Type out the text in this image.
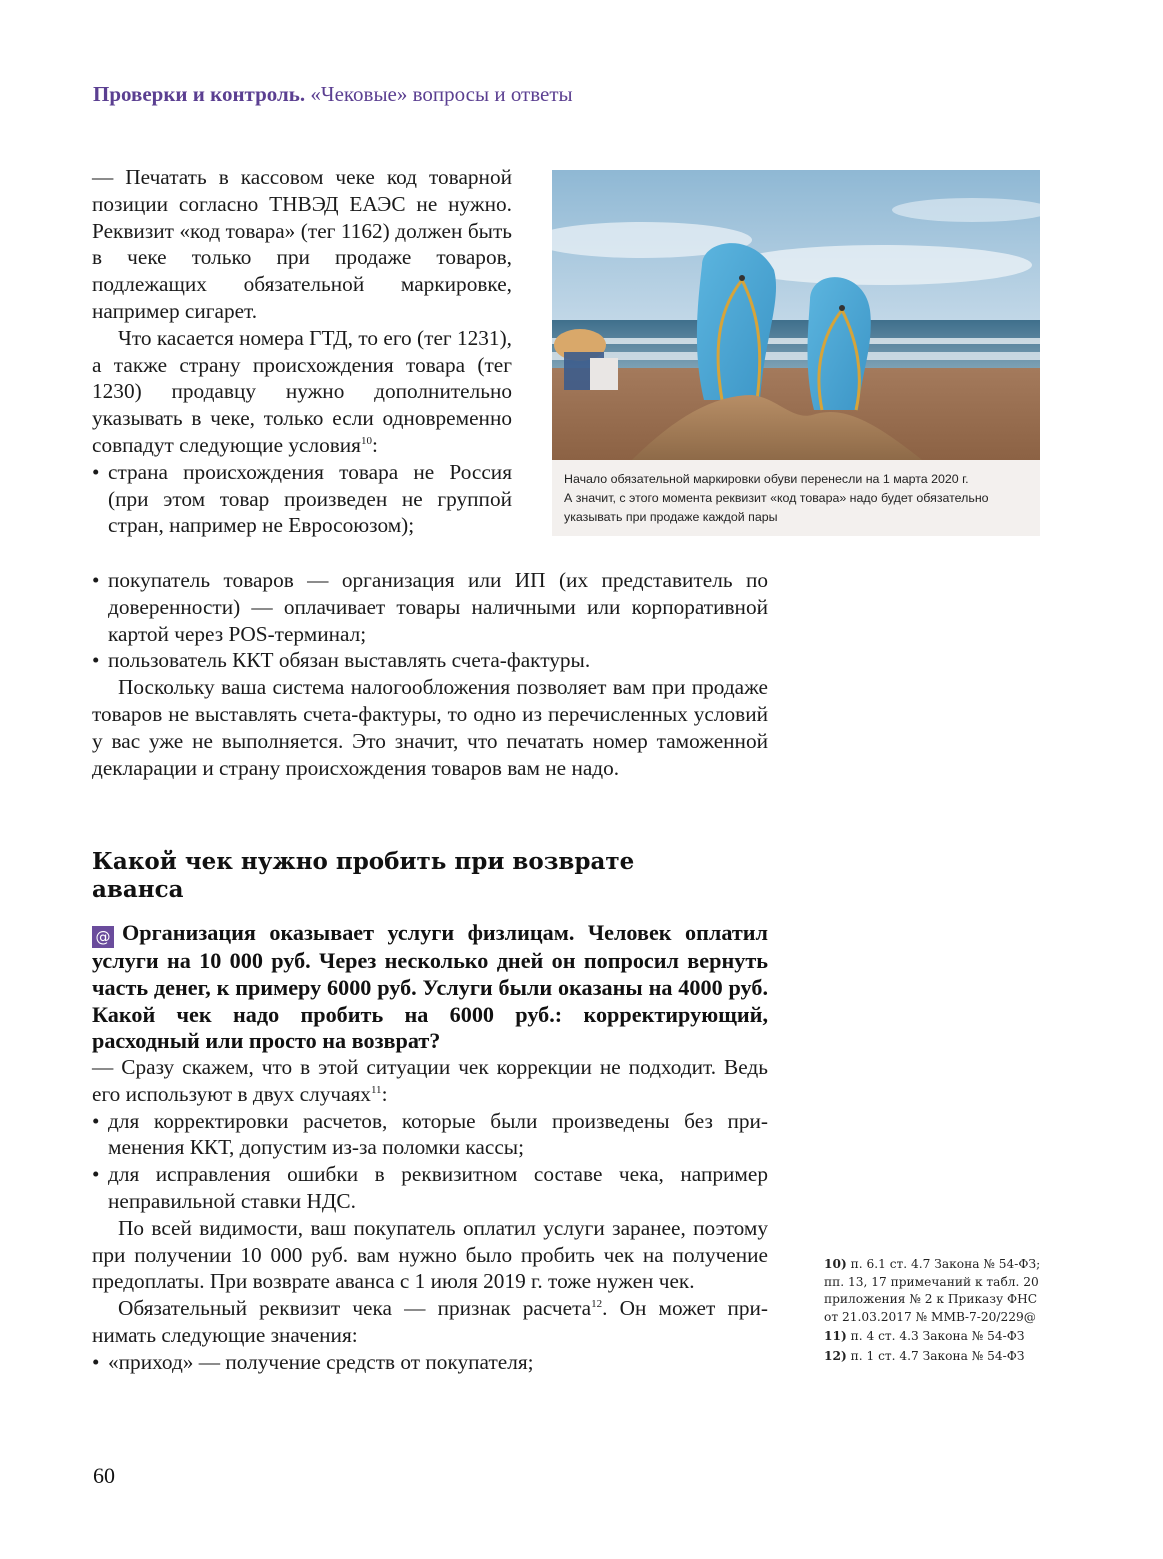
Проверки и контроль. «Чековые» вопросы и ответы

— Печатать в кассовом чеке код товарной позиции согласно ТНВЭД ЕАЭС не нужно. Реквизит «код товара» (тег 1162) должен быть в чеке только при продаже товаров, подлежащих обязательной маркировке, например сигарет.

Что касается номера ГТД, то его (тег 1231), а также страну происхождения товара (тег 1230) продавцу нужно дополнительно указывать в чеке, только если одновременно совпадут следующие условия$^{10}$:

• страна происхождения товара не Россия (при этом товар произведен не группой стран, например не Евросоюзом);
• покупатель товаров — организация или ИП (их представитель по доверенности) — оплачивает товары наличными или корпоративной картой через POS-терминал;
• пользователь ККТ обязан выставлять счета-фактуры.

Поскольку ваша система налогообложения позволяет вам при продаже товаров не выставлять счета-фактуры, то одно из перечисленных условий у вас уже не выполняется. Это значит, что печатать номер таможенной декларации и страну происхождения товаров вам не надо.

Начало обязательной маркировки обуви перенесли на 1 марта 2020 г.
А значит, с этого момента реквизит «код товара» надо будет обязательно
указывать при продаже каждой пары
Какой чек нужно пробить при возврате аванса
@ Организация оказывает услуги физлицам. Человек оплатил услуги на 10 000 руб. Через несколько дней он попросил вернуть часть денег, к примеру 6000 руб. Услуги были оказаны на 4000 руб. Какой чек надо пробить на 6000 руб.: корректирующий, расходный или просто на возврат?

— Сразу скажем, что в этой ситуации чек коррекции не подходит. Ведь его используют в двух случаях$^{11}$:

• для корректировки расчетов, которые были произведены без применения ККТ, допустим из-за поломки кассы;
• для исправления ошибки в реквизитном составе чека, например неправильной ставки НДС.

По всей видимости, ваш покупатель оплатил услуги заранее, поэтому при получении 10 000 руб. вам нужно было пробить чек на получение предоплаты. При возврате аванса с 1 июля 2019 г. тоже нужен чек.

Обязательный реквизит чека — признак расчета$^{12}$. Он может принимать следующие значения:

• «приход» — получение средств от покупателя;

10) п. 6.1 ст. 4.7 Закона № 54-ФЗ; пп. 13, 17 примечаний к табл. 20 приложения № 2 к Приказу ФНС от 21.03.2017 № ММВ-7-20/229@

11) п. 4 ст. 4.3 Закона № 54-ФЗ

12) п. 1 ст. 4.7 Закона № 54-ФЗ

60
